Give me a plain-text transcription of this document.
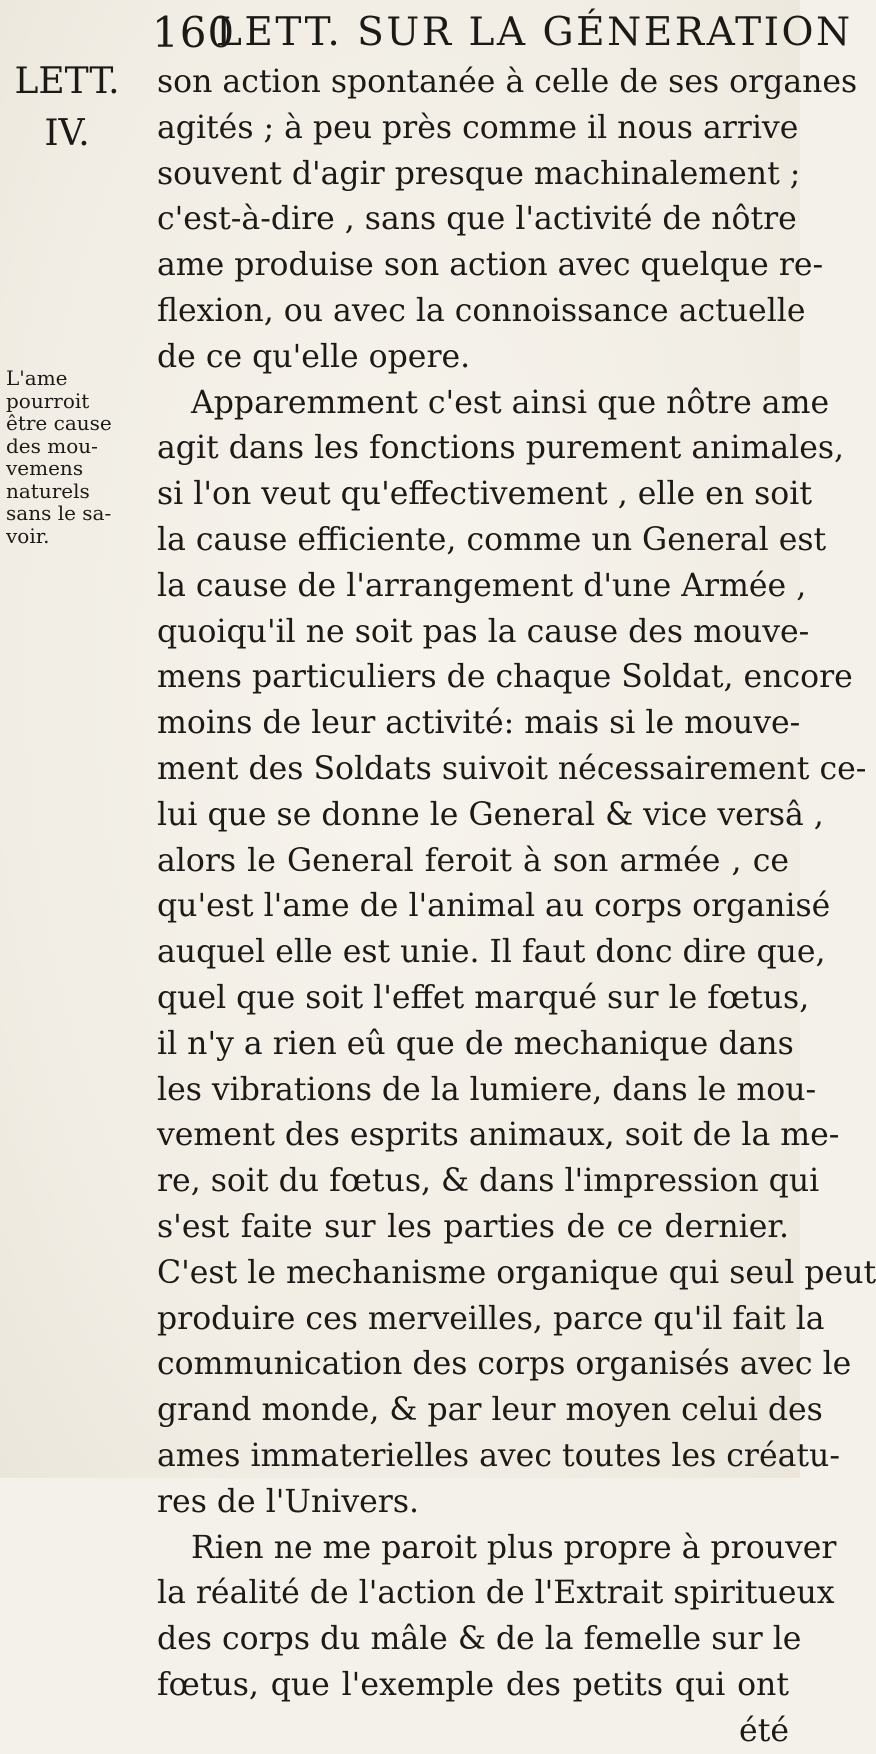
160
LETT. SUR LA GÉNERATION
LETT.
IV.
L'ame
pourroit
être cause
des mou-
vemens
naturels
sans le sa-
voir.
son action spontanée à celle de ses organes
agités ; à peu près comme il nous arrive
souvent d'agir presque machinalement ;
c'est-à-dire , sans que l'activité de nôtre
ame produise son action avec quelque re-
flexion, ou avec la connoissance actuelle
de ce qu'elle opere.
Apparemment c'est ainsi que nôtre ame
agit dans les fonctions purement animales,
si l'on veut qu'effectivement , elle en soit
la cause efficiente, comme un General est
la cause de l'arrangement d'une Armée ,
quoiqu'il ne soit pas la cause des mouve-
mens particuliers de chaque Soldat, encore
moins de leur activité: mais si le mouve-
ment des Soldats suivoit nécessairement ce-
lui que se donne le General & vice versâ ,
alors le General feroit à son armée , ce
qu'est l'ame de l'animal au corps organisé
auquel elle est unie. Il faut donc dire que,
quel que soit l'effet marqué sur le fœtus,
il n'y a rien eû que de mechanique dans
les vibrations de la lumiere, dans le mou-
vement des esprits animaux, soit de la me-
re, soit du fœtus, & dans l'impression qui
s'est faite sur les parties de ce dernier.
C'est le mechanisme organique qui seul peut
produire ces merveilles, parce qu'il fait la
communication des corps organisés avec le
grand monde, & par leur moyen celui des
ames immaterielles avec toutes les créatu-
res de l'Univers.
Rien ne me paroit plus propre à prouver
la réalité de l'action de l'Extrait spiritueux
des corps du mâle & de la femelle sur le
fœtus, que l'exemple des petits qui ont
été
